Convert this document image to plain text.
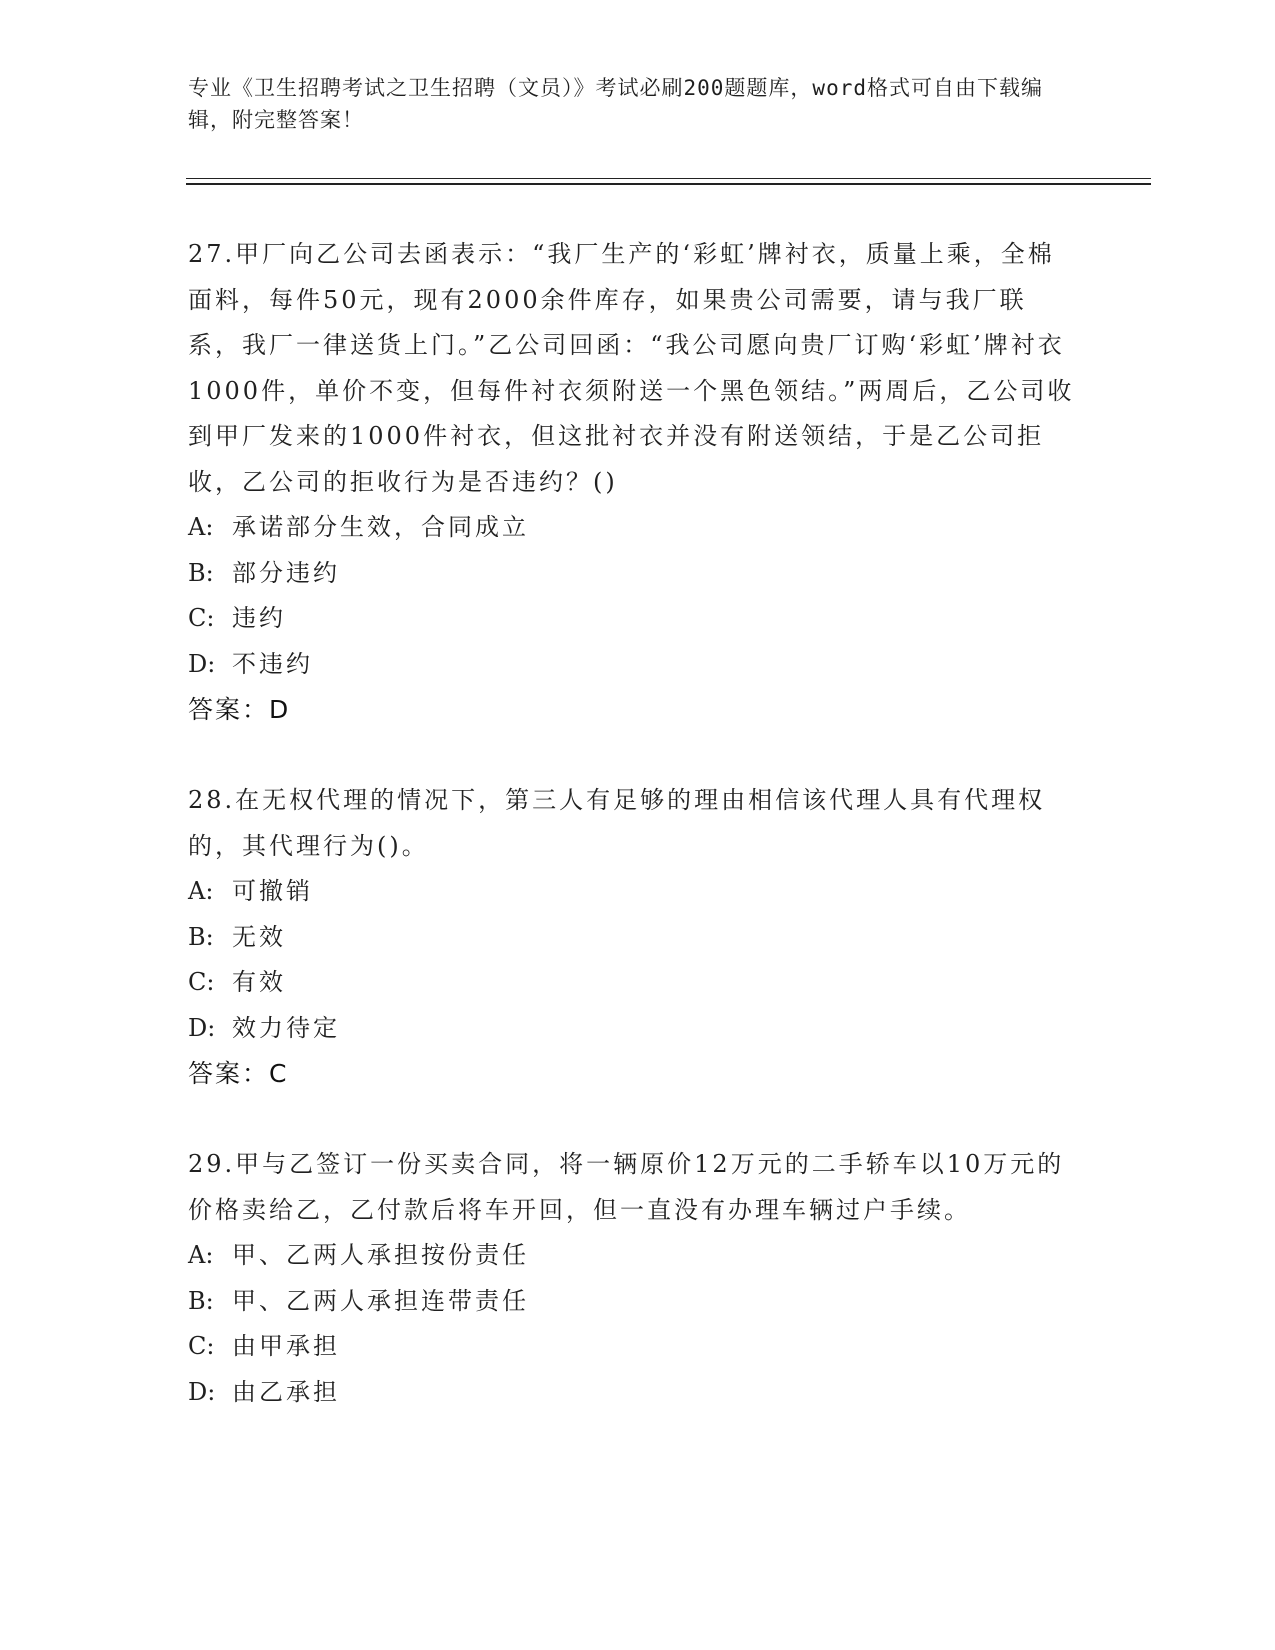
专业《卫生招聘考试之卫生招聘（文员）》考试必刷200题题库，word格式可自由下载编辑，附完整答案！

27.甲厂向乙公司去函表示：“我厂生产的‘彩虹’牌衬衣，质量上乘，全棉面料，每件50元，现有2000余件库存，如果贵公司需要，请与我厂联系，我厂一律送货上门。”乙公司回函：“我公司愿向贵厂订购‘彩虹’牌衬衣1000件，单价不变，但每件衬衣须附送一个黑色领结。”两周后，乙公司收到甲厂发来的1000件衬衣，但这批衬衣并没有附送领结，于是乙公司拒收，乙公司的拒收行为是否违约？()

A: 承诺部分生效，合同成立
B: 部分违约
C: 违约
D: 不违约

答案：D

28.在无权代理的情况下，第三人有足够的理由相信该代理人具有代理权的，其代理行为()。

A: 可撤销
B: 无效
C: 有效
D: 效力待定

答案：C

29.甲与乙签订一份买卖合同，将一辆原价12万元的二手轿车以10万元的价格卖给乙，乙付款后将车开回，但一直没有办理车辆过户手续。

A: 甲、乙两人承担按份责任
B: 甲、乙两人承担连带责任
C: 由甲承担
D: 由乙承担
